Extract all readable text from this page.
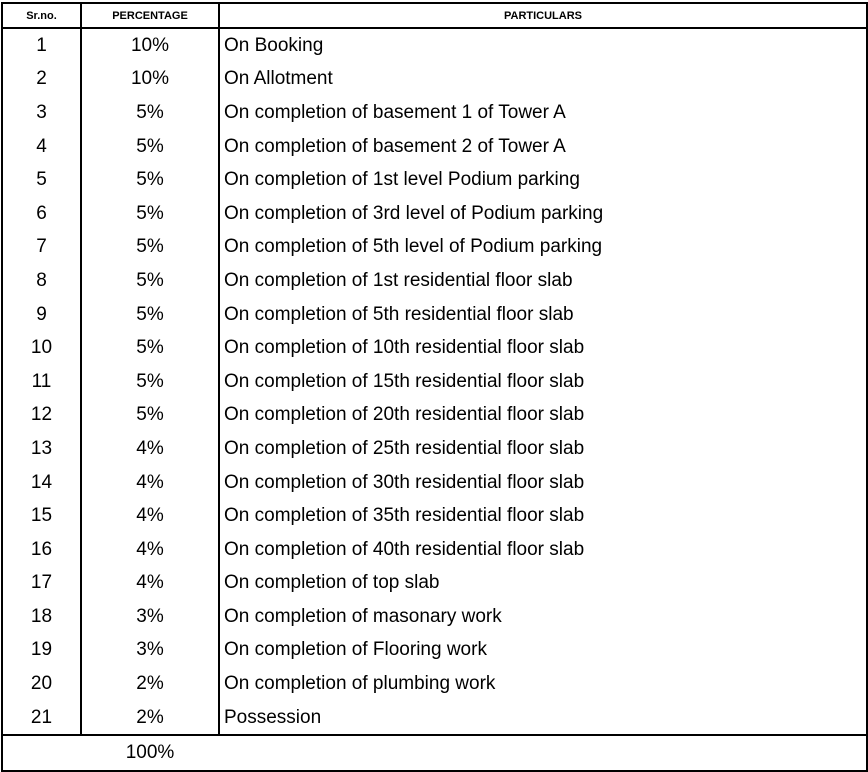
Sr.no.	PERCENTAGE	PARTICULARS
1	10%	On Booking
2	10%	On Allotment
3	5%	On completion of basement 1 of Tower A
4	5%	On completion of basement 2 of Tower A
5	5%	On completion of 1st level Podium parking
6	5%	On completion of 3rd level of Podium parking
7	5%	On completion of 5th level of Podium parking
8	5%	On completion of 1st residential floor slab
9	5%	On completion of 5th residential floor slab
10	5%	On completion of 10th residential floor slab
11	5%	On completion of 15th residential floor slab
12	5%	On completion of 20th residential floor slab
13	4%	On completion of 25th residential floor slab
14	4%	On completion of 30th residential floor slab
15	4%	On completion of 35th residential floor slab
16	4%	On completion of 40th residential floor slab
17	4%	On completion of top slab
18	3%	On completion of masonary work
19	3%	On completion of Flooring work
20	2%	On completion of plumbing work
21	2%	Possession
	100%	
